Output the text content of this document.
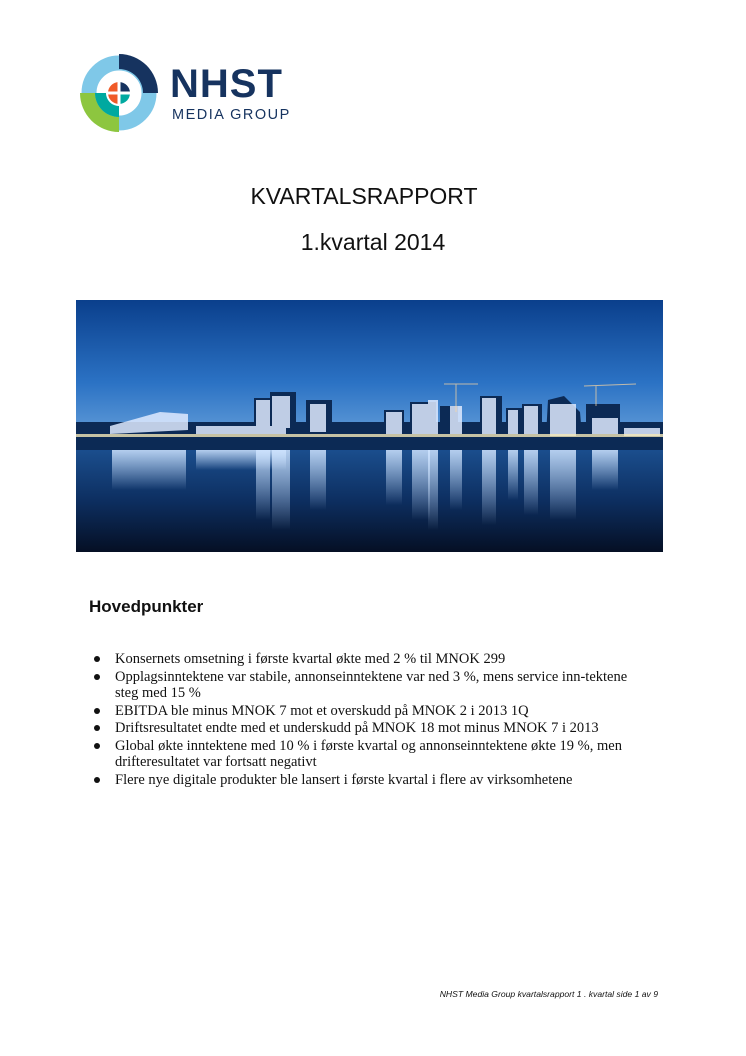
NHST
MEDIA GROUP
KVARTALSRAPPORT
1.kvartal 2014
Hovedpunkter
Konsernets omsetning i første kvartal økte med 2 % til MNOK 299
Opplagsinntektene var stabile, annonseinntektene var ned 3 %, mens service inn-tektene steg med 15 %
EBITDA ble minus MNOK 7 mot et overskudd på MNOK 2 i 2013 1Q
Driftsresultatet endte med et underskudd på MNOK 18 mot minus MNOK 7 i 2013
Global økte inntektene med 10 % i første kvartal og annonseinntektene økte 19 %, men drifteresultatet var fortsatt negativt
Flere nye digitale produkter ble lansert i første kvartal i flere av virksomhetene
NHST Media Group kvartalsrapport 1 . kvartal side 1 av 9
